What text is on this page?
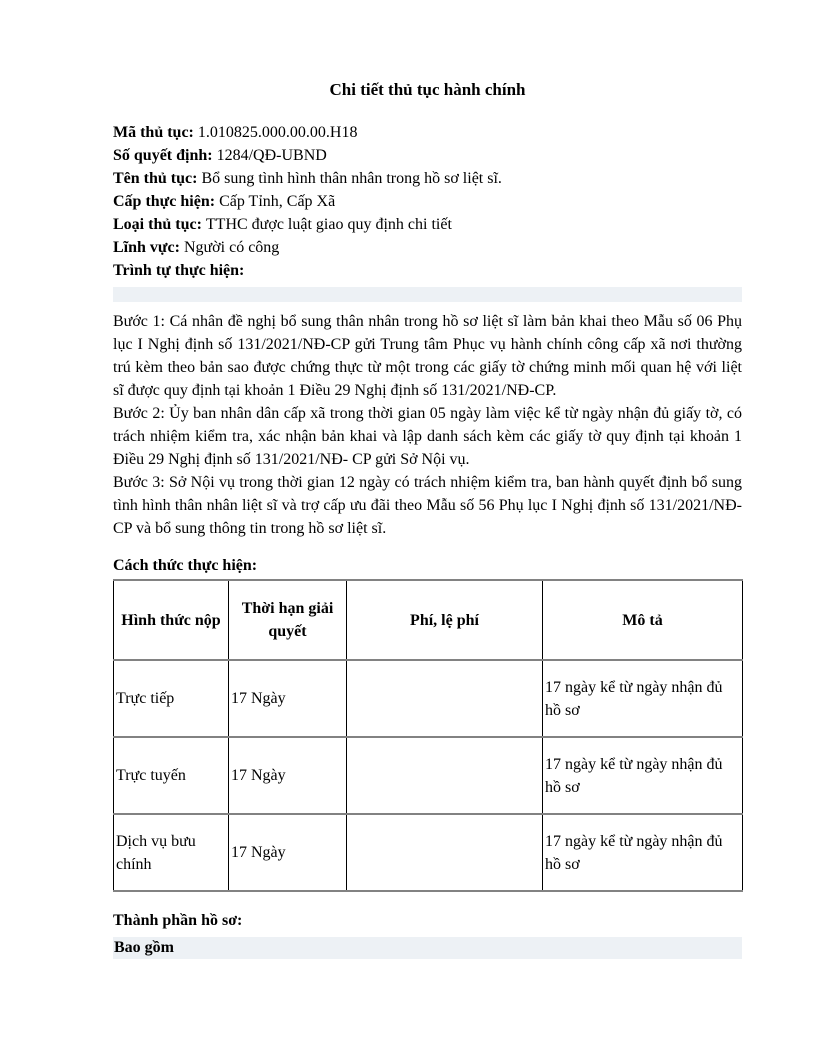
Chi tiết thủ tục hành chính
Mã thủ tục: 1.010825.000.00.00.H18
Số quyết định: 1284/QĐ-UBND
Tên thủ tục: Bổ sung tình hình thân nhân trong hồ sơ liệt sĩ.
Cấp thực hiện: Cấp Tỉnh, Cấp Xã
Loại thủ tục: TTHC được luật giao quy định chi tiết
Lĩnh vực: Người có công
Trình tự thực hiện:

Bước 1: Cá nhân đề nghị bổ sung thân nhân trong hồ sơ liệt sĩ làm bản khai theo Mẫu số 06 Phụ lục I Nghị định số 131/2021/NĐ-CP gửi Trung tâm Phục vụ hành chính công cấp xã nơi thường trú kèm theo bản sao được chứng thực từ một trong các giấy tờ chứng minh mối quan hệ với liệt sĩ được quy định tại khoản 1 Điều 29 Nghị định số 131/2021/NĐ-CP.

Bước 2: Ủy ban nhân dân cấp xã trong thời gian 05 ngày làm việc kể từ ngày nhận đủ giấy tờ, có trách nhiệm kiểm tra, xác nhận bản khai và lập danh sách kèm các giấy tờ quy định tại khoản 1 Điều 29 Nghị định số 131/2021/NĐ- CP gửi Sở Nội vụ.

Bước 3: Sở Nội vụ trong thời gian 12 ngày có trách nhiệm kiểm tra, ban hành quyết định bổ sung tình hình thân nhân liệt sĩ và trợ cấp ưu đãi theo Mẫu số 56 Phụ lục I Nghị định số 131/2021/NĐ-CP và bổ sung thông tin trong hồ sơ liệt sĩ.

Cách thức thực hiện:
Hình thức nộp	Thời hạn giải quyết	Phí, lệ phí	Mô tả
Trực tiếp	17 Ngày		17 ngày kể từ ngày nhận đủ hồ sơ
Trực tuyến	17 Ngày		17 ngày kể từ ngày nhận đủ hồ sơ
Dịch vụ bưu chính	17 Ngày		17 ngày kể từ ngày nhận đủ hồ sơ
Thành phần hồ sơ:
Bao gồm
